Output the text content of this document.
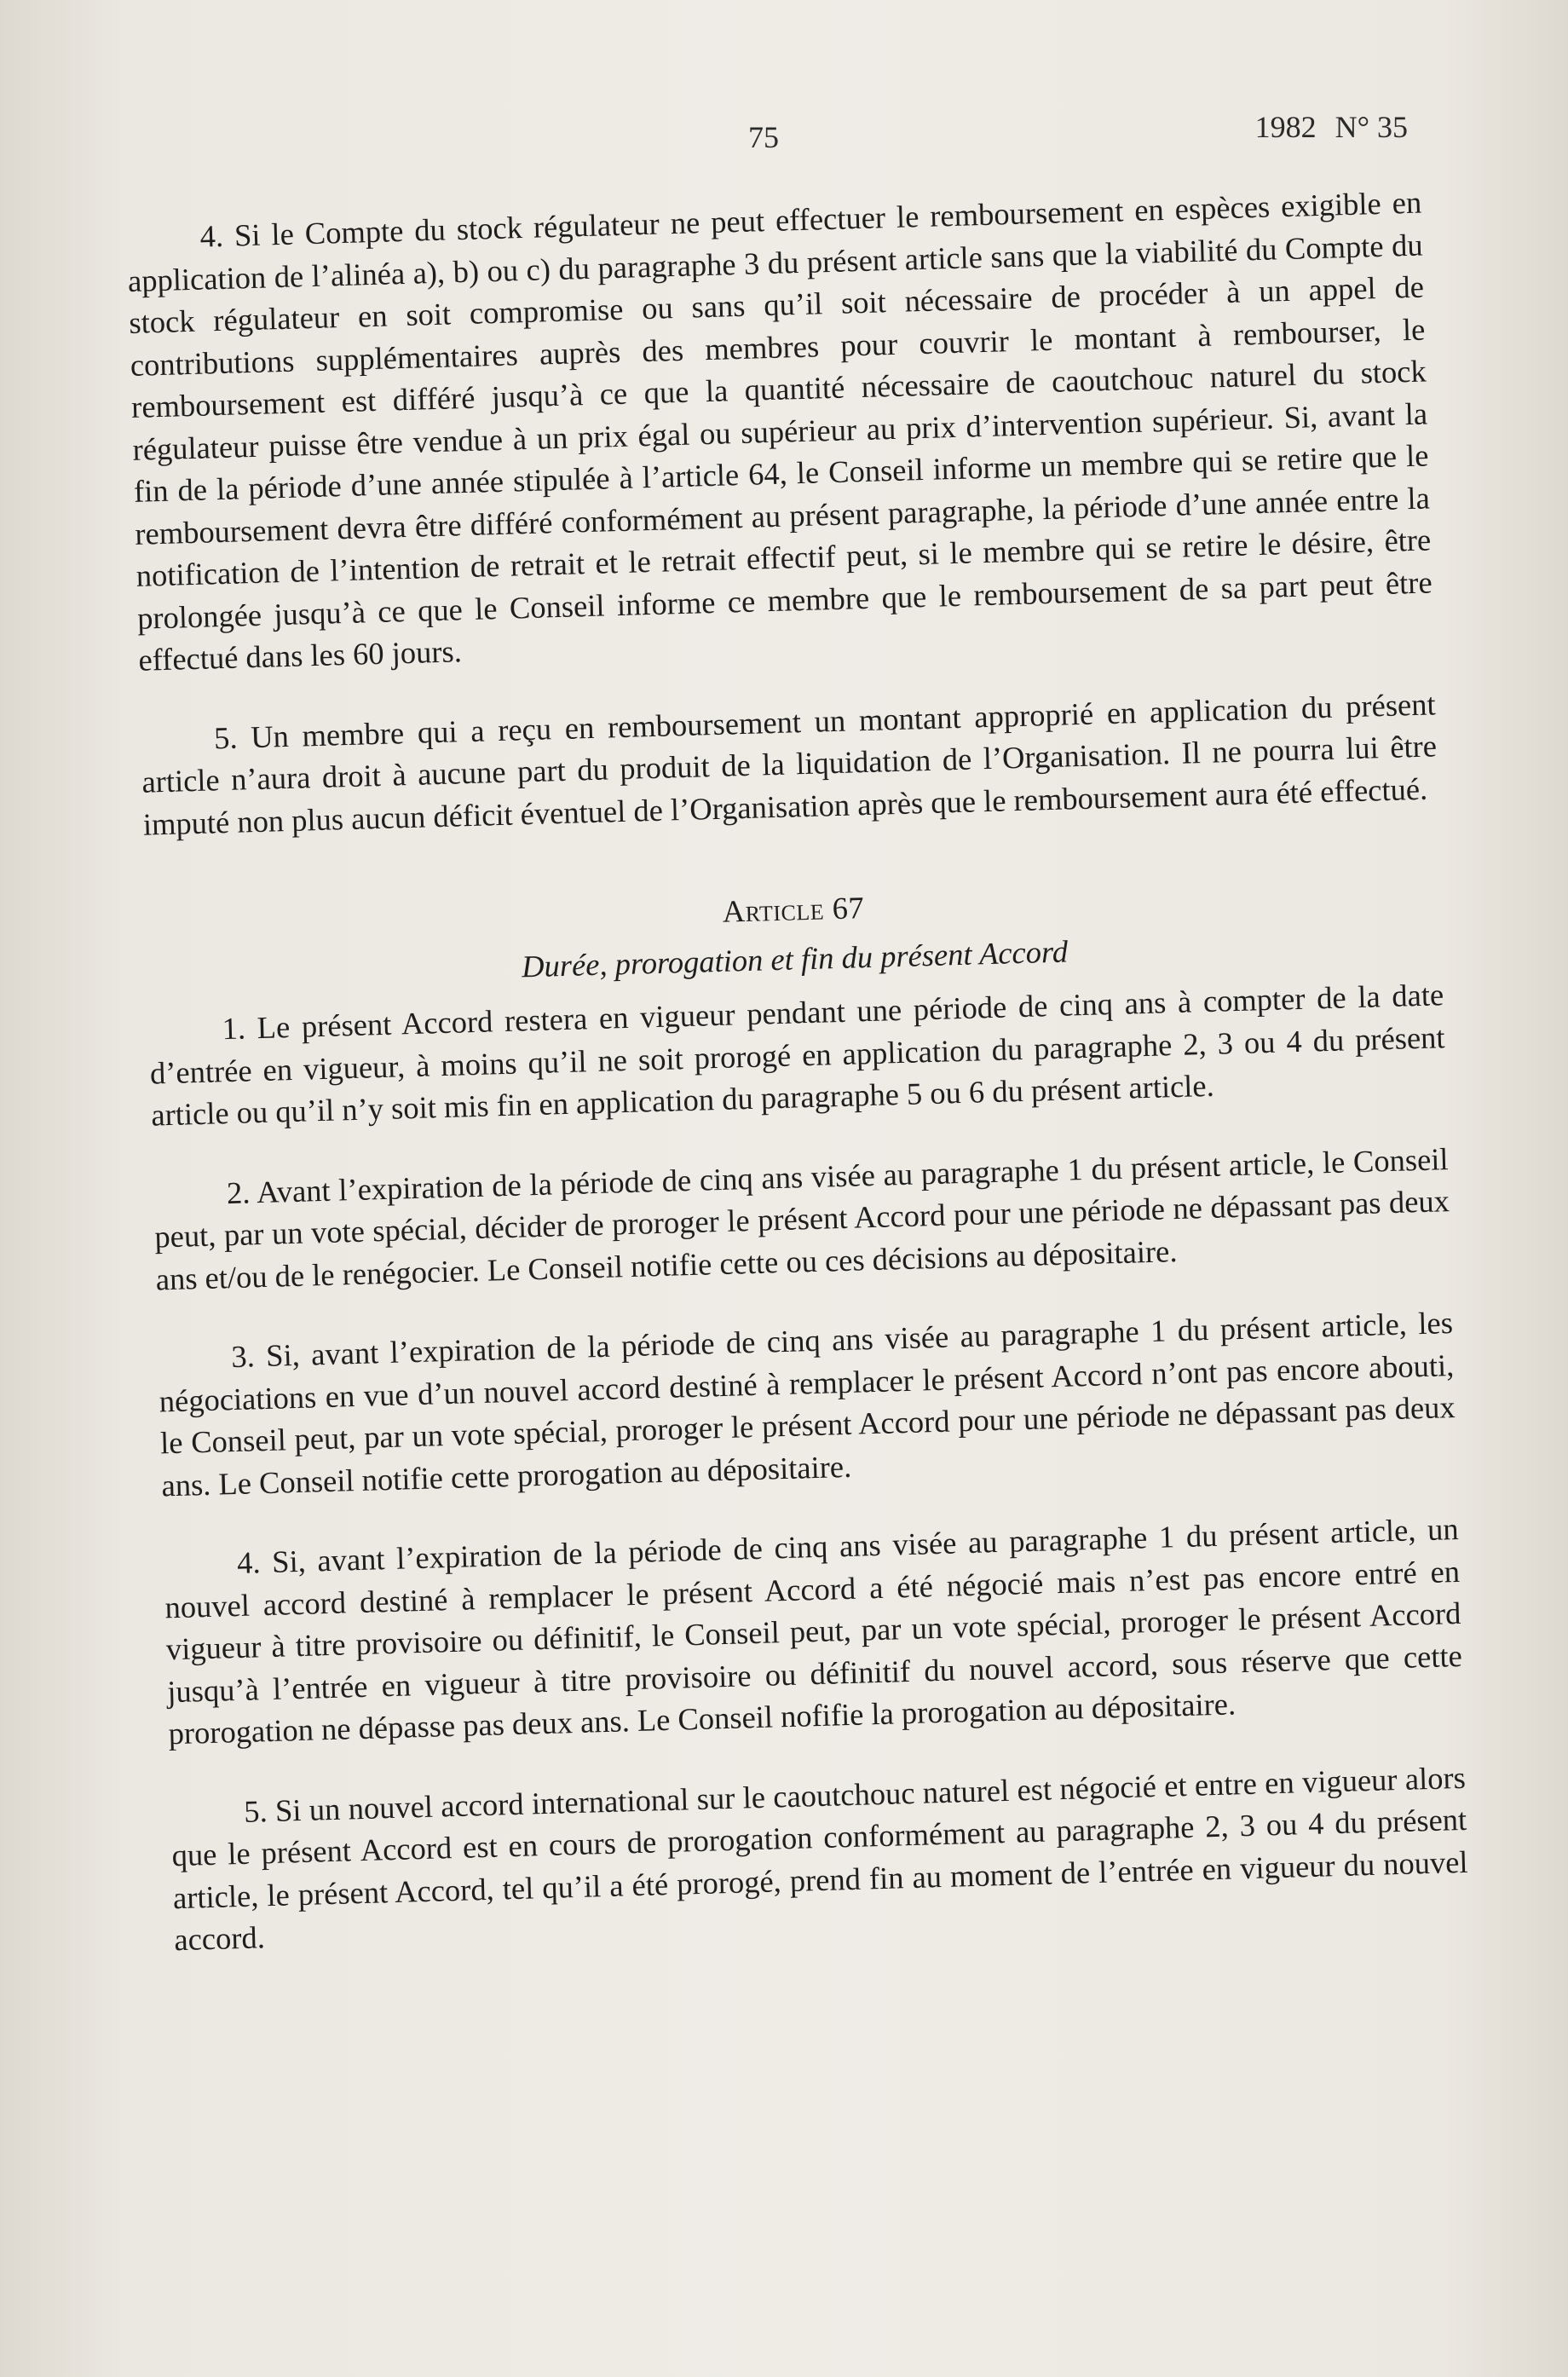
75	1982 N° 35

4. Si le Compte du stock régulateur ne peut effectuer le remboursement en espèces exigible en application de l’alinéa a), b) ou c) du paragraphe 3 du présent article sans que la viabilité du Compte du stock régulateur en soit compromise ou sans qu’il soit nécessaire de procéder à un appel de contributions supplémentaires auprès des membres pour couvrir le montant à rembourser, le remboursement est différé jusqu’à ce que la quantité nécessaire de caoutchouc naturel du stock régulateur puisse être vendue à un prix égal ou supérieur au prix d’intervention supérieur. Si, avant la fin de la période d’une année stipulée à l’article 64, le Conseil informe un membre qui se retire que le remboursement devra être différé conformément au présent paragraphe, la période d’une année entre la notification de l’intention de retrait et le retrait effectif peut, si le membre qui se retire le désire, être prolongée jusqu’à ce que le Conseil informe ce membre que le remboursement de sa part peut être effectué dans les 60 jours.

5. Un membre qui a reçu en remboursement un montant approprié en application du présent article n’aura droit à aucune part du produit de la liquidation de l’Organisation. Il ne pourra lui être imputé non plus aucun déficit éventuel de l’Organisation après que le remboursement aura été effectué.

Article 67
Durée, prorogation et fin du présent Accord

1. Le présent Accord restera en vigueur pendant une période de cinq ans à compter de la date d’entrée en vigueur, à moins qu’il ne soit prorogé en application du paragraphe 2, 3 ou 4 du présent article ou qu’il n’y soit mis fin en application du paragraphe 5 ou 6 du présent article.

2. Avant l’expiration de la période de cinq ans visée au paragraphe 1 du présent article, le Conseil peut, par un vote spécial, décider de proroger le présent Accord pour une période ne dépassant pas deux ans et/ou de le renégocier. Le Conseil notifie cette ou ces décisions au dépositaire.

3. Si, avant l’expiration de la période de cinq ans visée au paragraphe 1 du présent article, les négociations en vue d’un nouvel accord destiné à remplacer le présent Accord n’ont pas encore abouti, le Conseil peut, par un vote spécial, proroger le présent Accord pour une période ne dépassant pas deux ans. Le Conseil notifie cette prorogation au dépositaire.

4. Si, avant l’expiration de la période de cinq ans visée au paragraphe 1 du présent article, un nouvel accord destiné à remplacer le présent Accord a été négocié mais n’est pas encore entré en vigueur à titre provisoire ou définitif, le Conseil peut, par un vote spécial, proroger le présent Accord jusqu’à l’entrée en vigueur à titre provisoire ou définitif du nouvel accord, sous réserve que cette prorogation ne dépasse pas deux ans. Le Conseil nofifie la prorogation au dépositaire.

5. Si un nouvel accord international sur le caoutchouc naturel est négocié et entre en vigueur alors que le présent Accord est en cours de prorogation conformément au paragraphe 2, 3 ou 4 du présent article, le présent Accord, tel qu’il a été prorogé, prend fin au moment de l’entrée en vigueur du nouvel accord.
